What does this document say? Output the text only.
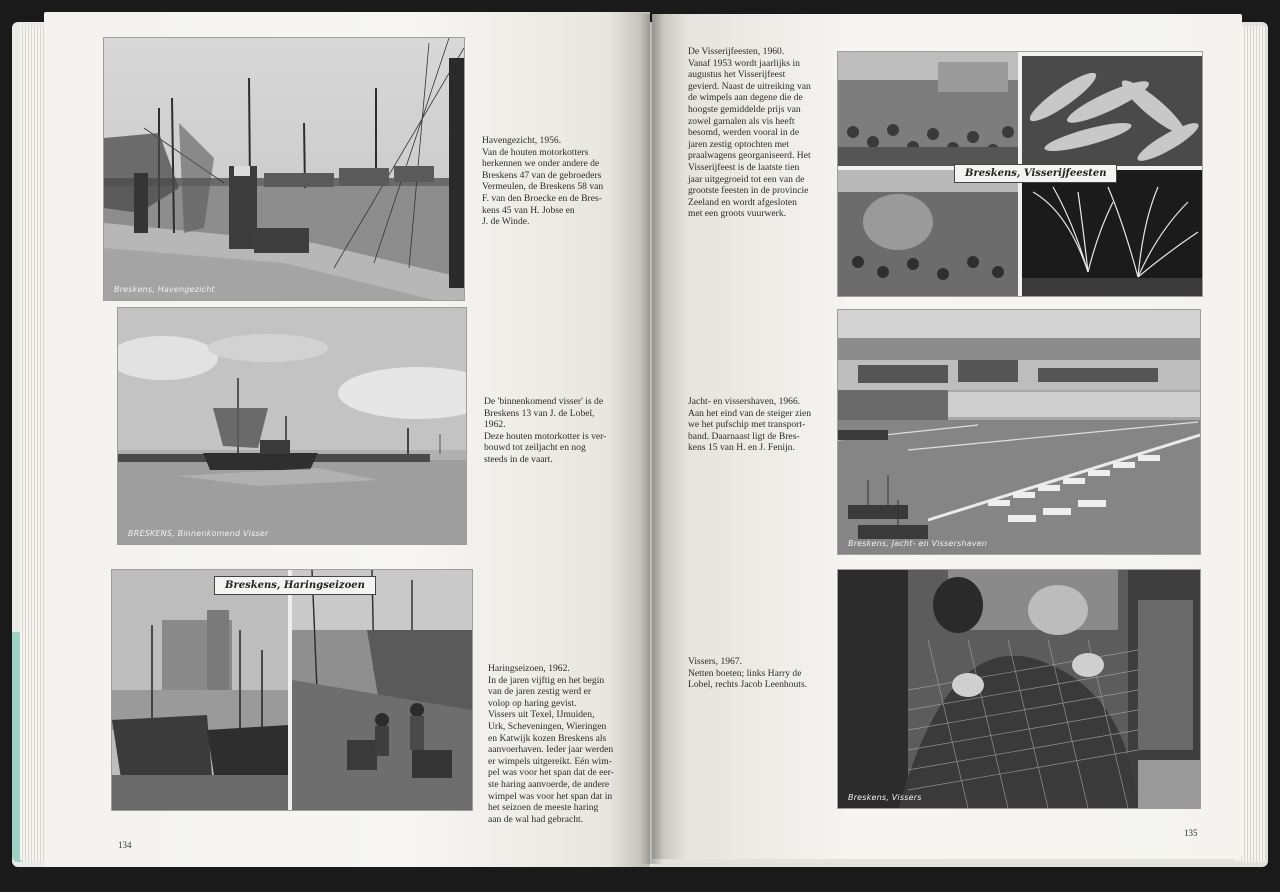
Breskens, Havengezicht
BRESKENS, Binnenkomend Visser
Breskens, Haringseizoen
Havengezicht, 1956.
Van de houten motorkotters
herkennen we onder andere de
Breskens 47 van de gebroeders
Vermeulen, de Breskens 58 van
F. van den Broecke en de Bres-
kens 45 van H. Jobse en
J. de Winde.
De 'binnenkomend visser' is de
Breskens 13 van J. de Lobel,
1962.
Deze houten motorkotter is ver-
bouwd tot zeiljacht en nog
steeds in de vaart.
Haringseizoen, 1962.
In de jaren vijftig en het begin
van de jaren zestig werd er
volop op haring gevist.
Vissers uit Texel, IJmuiden,
Urk, Scheveningen, Wieringen
en Katwijk kozen Breskens als
aanvoerhaven. Ieder jaar werden
er wimpels uitgereikt. Eén wim-
pel was voor het span dat de eer-
ste haring aanvoerde, de andere
wimpel was voor het span dat in
het seizoen de meeste haring
aan de wal had gebracht.
134
Breskens, Visserijfeesten
Breskens, Jacht- en Vissershaven
Breskens, Vissers
De Visserijfeesten, 1960.
Vanaf 1953 wordt jaarlijks in
augustus het Visserijfeest
gevierd. Naast de uitreiking van
de wimpels aan degene die de
hoogste gemiddelde prijs van
zowel garnalen als vis heeft
besomd, werden vooral in de
jaren zestig optochten met
praalwagens georganiseerd. Het
Visserijfeest is de laatste tien
jaar uitgegroeid tot een van de
grootste feesten in de provincie
Zeeland en wordt afgesloten
met een groots vuurwerk.
Jacht- en vissershaven, 1966.
Aan het eind van de steiger zien
we het pufschip met transport-
band. Daarnaast ligt de Bres-
kens 15 van H. en J. Fenijn.
Vissers, 1967.
Netten boeten; links Harry de
Lobel, rechts Jacob Leenhouts.
135
